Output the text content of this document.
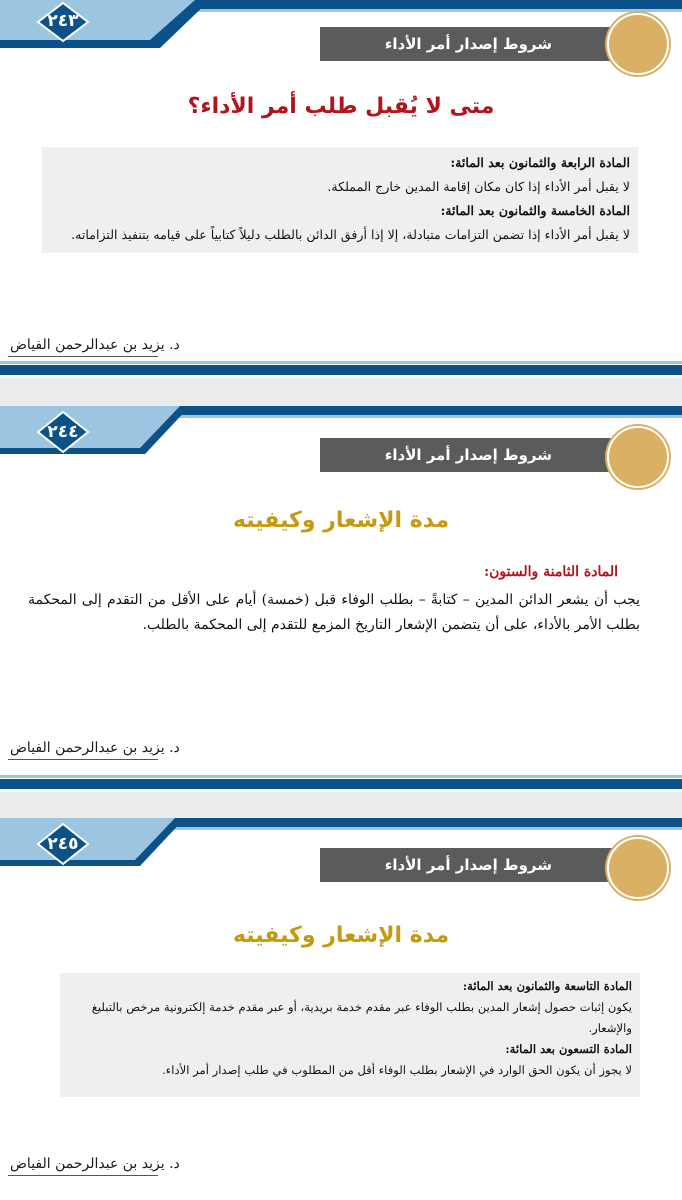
٢٤٣
شروط إصدار أمر الأداء
متى لا يُقبل طلب أمر الأداء؟

المادة الرابعة والثمانون بعد المائة:

لا يقبل أمر الأداء إذا كان مكان إقامة المدين خارج المملكة.

المادة الخامسة والثمانون بعد المائة:

لا يقبل أمر الأداء إذا تضمن التزامات متبادلة، إلا إذا أرفق الدائن بالطلب دليلاً كتابياً على قيامه بتنفيذ التزاماته.

د. يزيد بن عبدالرحمن الفياض
٢٤٤
شروط إصدار أمر الأداء
مدة الإشعار وكيفيته
المادة الثامنة والستون:
يجب أن يشعر الدائن المدين – كتابةً – بطلب الوفاء قبل (خمسة) أيام على الأقل من التقدم إلى المحكمة بطلب الأمر بالأداء، على أن يتضمن الإشعار التاريخ المزمع للتقدم إلى المحكمة بالطلب.
د. يزيد بن عبدالرحمن الفياض
٢٤٥
شروط إصدار أمر الأداء
مدة الإشعار وكيفيته

المادة التاسعة والثمانون بعد المائة:

يكون إثبات حصول إشعار المدين بطلب الوفاء عبر مقدم خدمة بريدية، أو عبر مقدم خدمة إلكترونية مرخص بالتبليغ والإشعار.

المادة التسعون بعد المائة:

لا يجوز أن يكون الحق الوارد في الإشعار بطلب الوفاء أقل من المطلوب في طلب إصدار أمر الأداء.

د. يزيد بن عبدالرحمن الفياض
